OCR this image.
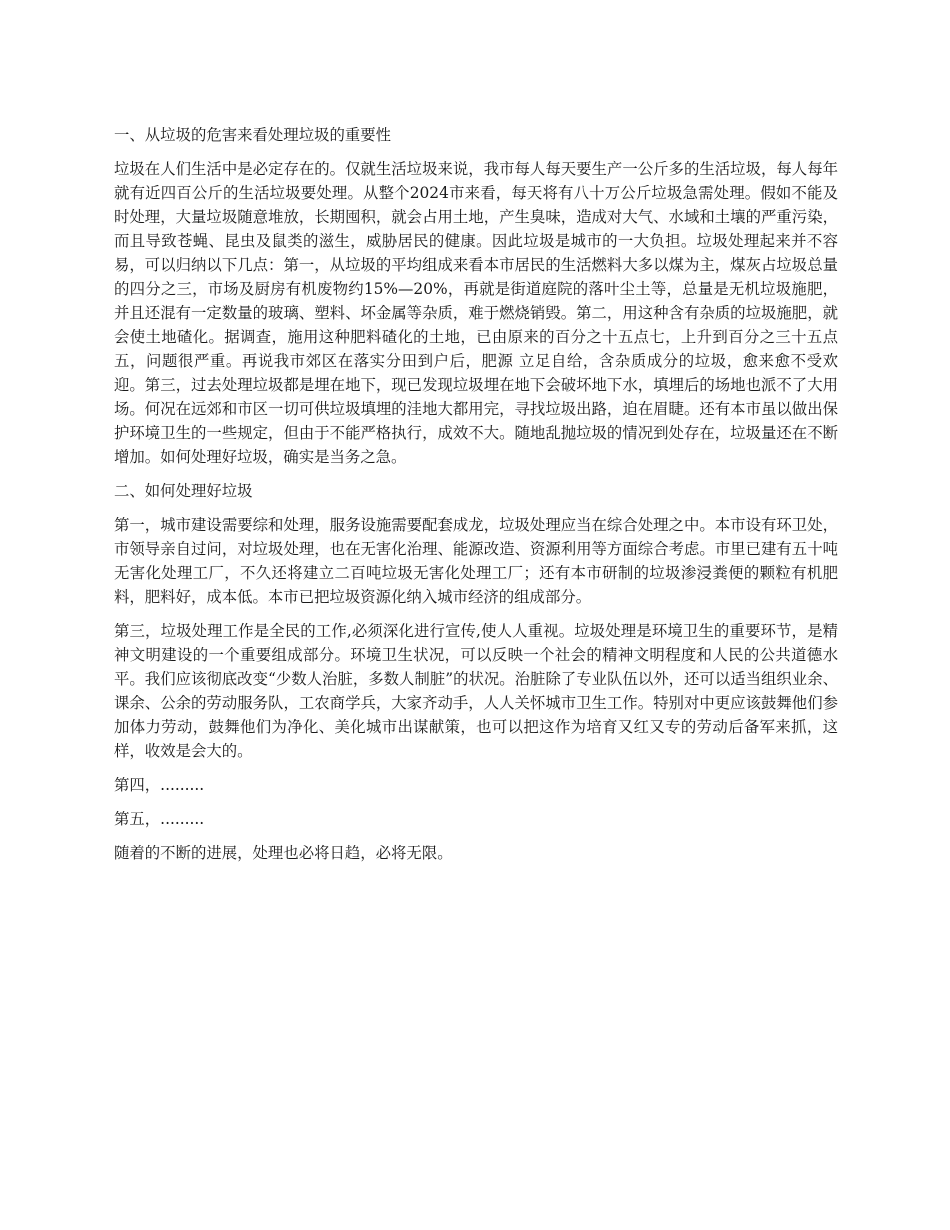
一、从垃圾的危害来看处理垃圾的重要性

垃圾在人们生活中是必定存在的。仅就生活垃圾来说，我市每人每天要生产一公斤多的生活垃圾，每人每年就有近四百公斤的生活垃圾要处理。从整个2024市来看，每天将有八十万公斤垃圾急需处理。假如不能及时处理，大量垃圾随意堆放，长期囤积，就会占用土地，产生臭味，造成对大气、水域和土壤的严重污染，而且导致苍蝇、昆虫及鼠类的滋生，威胁居民的健康。因此垃圾是城市的一大负担。垃圾处理起来并不容易，可以归纳以下几点：第一，从垃圾的平均组成来看本市居民的生活燃料大多以煤为主，煤灰占垃圾总量的四分之三，市场及厨房有机废物约15%—20%，再就是街道庭院的落叶尘土等，总量是无机垃圾施肥，并且还混有一定数量的玻璃、塑料、坏金属等杂质，难于燃烧销毁。第二，用这种含有杂质的垃圾施肥，就会使土地碴化。据调查，施用这种肥料碴化的土地，已由原来的百分之十五点七，上升到百分之三十五点五，问题很严重。再说我市郊区在落实分田到户后，肥源 立足自给，含杂质成分的垃圾，愈来愈不受欢迎。第三，过去处理垃圾都是埋在地下，现已发现垃圾埋在地下会破坏地下水，填埋后的场地也派不了大用场。何况在远郊和市区一切可供垃圾填埋的洼地大都用完，寻找垃圾出路，迫在眉睫。还有本市虽以做出保护环境卫生的一些规定，但由于不能严格执行，成效不大。随地乱抛垃圾的情况到处存在，垃圾量还在不断增加。如何处理好垃圾，确实是当务之急。

二、如何处理好垃圾

第一，城市建设需要综和处理，服务设施需要配套成龙，垃圾处理应当在综合处理之中。本市设有环卫处，市领导亲自过问，对垃圾处理，也在无害化治理、能源改造、资源利用等方面综合考虑。市里已建有五十吨无害化处理工厂，不久还将建立二百吨垃圾无害化处理工厂；还有本市研制的垃圾渗浸粪便的颗粒有机肥料，肥料好，成本低。本市已把垃圾资源化纳入城市经济的组成部分。

第三，垃圾处理工作是全民的工作,必须深化进行宣传,使人人重视。垃圾处理是环境卫生的重要环节，是精神文明建设的一个重要组成部分。环境卫生状况，可以反映一个社会的精神文明程度和人民的公共道德水平。我们应该彻底改变“少数人治脏，多数人制脏”的状况。治脏除了专业队伍以外，还可以适当组织业余、课余、公余的劳动服务队，工农商学兵，大家齐动手，人人关怀城市卫生工作。特别对中更应该鼓舞他们参加体力劳动，鼓舞他们为净化、美化城市出谋献策，也可以把这作为培育又红又专的劳动后备军来抓，这样，收效是会大的。

第四，.........

第五，.........

随着的不断的进展，处理也必将日趋，必将无限。
